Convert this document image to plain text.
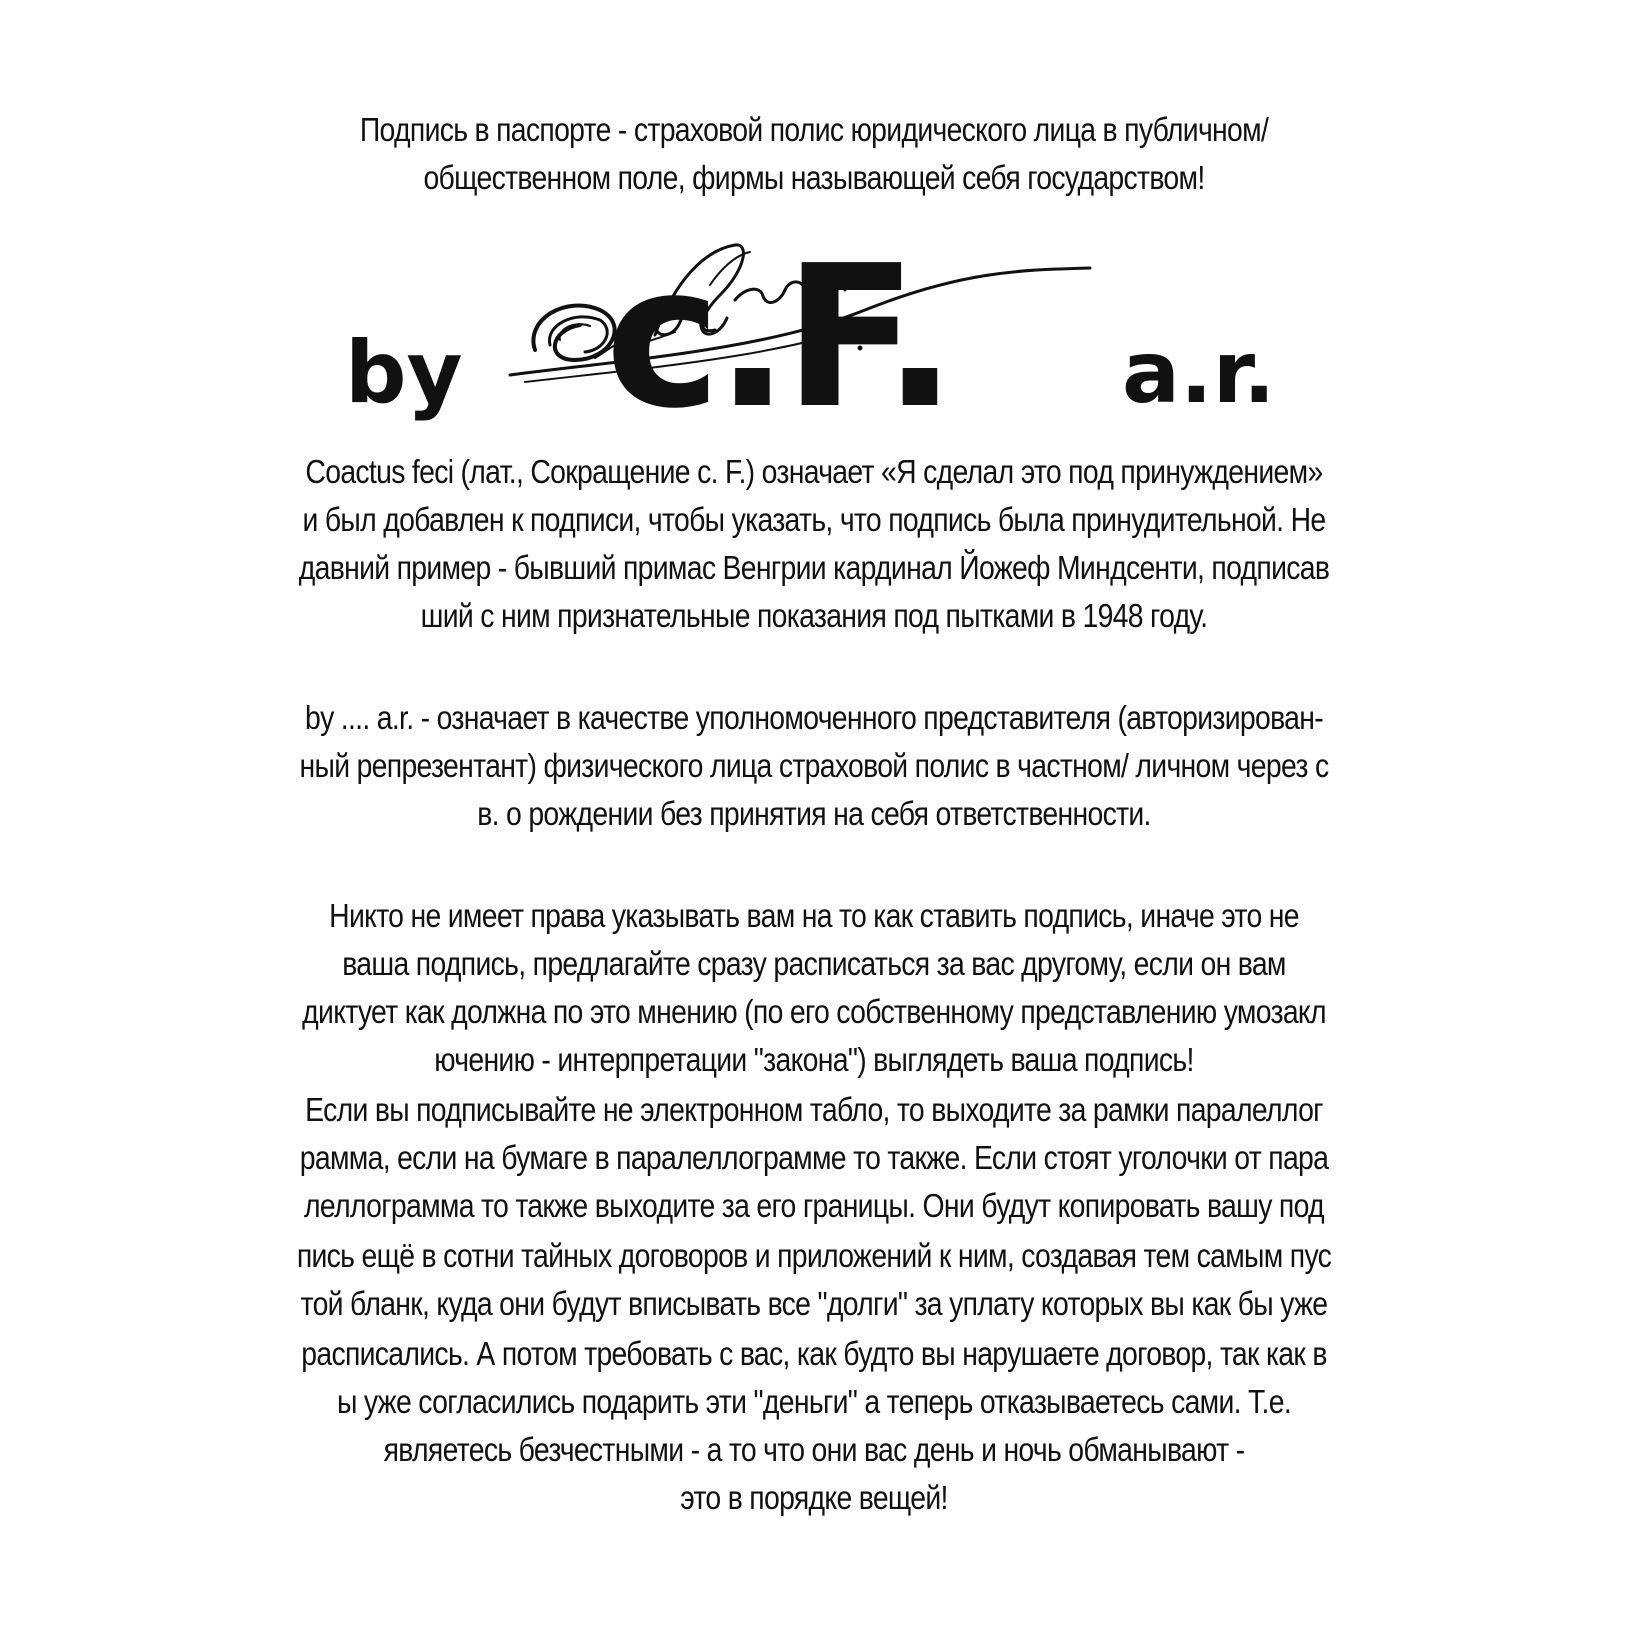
Подпись в паспорте - страховой полис юридического лица в публичном/
общественном поле, фирмы называющей себя государством!
by c.F. a.r.
Coactus feci (лат., Сокращение c. F.) означает «Я сделал это под принуждением»
и был добавлен к подписи, чтобы указать, что подпись была принудительной. Не
давний пример - бывший примас Венгрии кардинал Йожеф Миндсенти, подписав
ший с ним признательные показания под пытками в 1948 году.
by .... a.r. - означает в качестве уполномоченного представителя (авторизирован-
ный репрезентант) физического лица страховой полис в частном/ личном через с
в. о рождении без принятия на себя ответственности.
Никто не имеет права указывать вам на то как ставить подпись, иначе это не
ваша подпись, предлагайте сразу расписаться за вас другому, если он вам
диктует как должна по это мнению (по его собственному представлению умозакл
ючению - интерпретации "закона") выглядеть ваша подпись!
Если вы подписывайте не электронном табло, то выходите за рамки паралеллог
рамма, если на бумаге в паралеллограмме то также. Если стоят уголочки от пара
леллограмма то также выходите за его границы. Они будут копировать вашу под
пись ещё в сотни тайных договоров и приложений к ним, создавая тем самым пус
той бланк, куда они будут вписывать все "долги" за уплату которых вы как бы уже
расписались. А потом требовать с вас, как будто вы нарушаете договор, так как в
ы уже согласились подарить эти "деньги" а теперь отказываетесь сами. Т.е.
являетесь безчестными - а то что они вас день и ночь обманывают -
это в порядке вещей!
